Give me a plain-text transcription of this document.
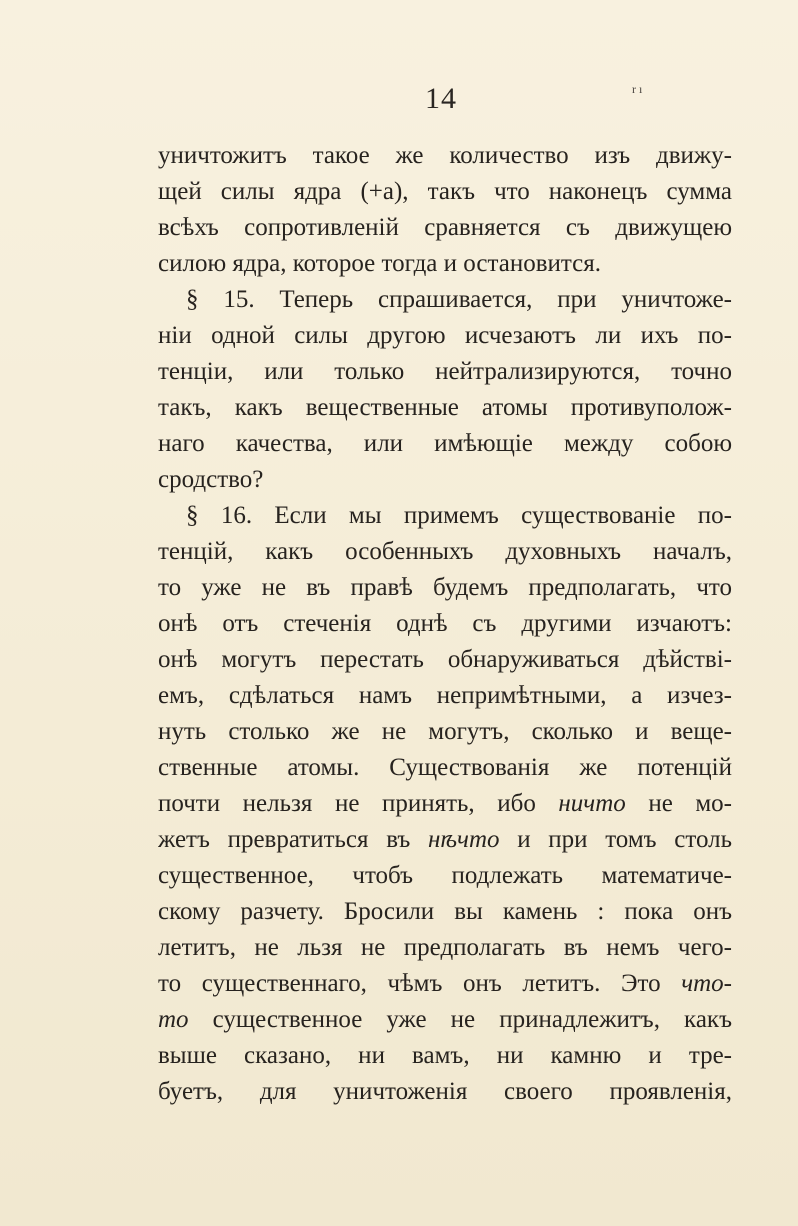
14	r ı
уничтожитъ такое же количество изъ движу-
щей силы ядра (+a), такъ что наконецъ сумма
всѣхъ сопротивленій сравняется съ движущею
силою ядра, которое тогда и остановится.
§ 15. Теперь спрашивается, при уничтоже-
ніи одной силы другою исчезаютъ ли ихъ по-
тенціи, или только нейтрализируются, точно
такъ, какъ вещественные атомы противуполож-
наго качества, или имѣющіе между собою
сродство?
§ 16. Если мы примемъ существованіе по-
тенцій, какъ особенныхъ духовныхъ началъ,
то уже не въ правѣ будемъ предполагать, что
онѣ отъ стеченія однѣ съ другими изчаютъ:
онѣ могутъ перестать обнаруживаться дѣйстві-
емъ, сдѣлаться намъ непримѣтными, а изчез-
нуть столько же не могутъ, сколько и веще-
ственные атомы. Существованія же потенцій
почти нельзя не принять, ибо ничто не мо-
жетъ превратиться въ нѣчто и при томъ столь
существенное, чтобъ подлежать математиче-
скому разчету. Бросили вы камень : пока онъ
летитъ, не льзя не предполагать въ немъ чего-
то существеннаго, чѣмъ онъ летитъ. Это что-
то существенное уже не принадлежитъ, какъ
выше сказано, ни вамъ, ни камню и тре-
буетъ, для уничтоженія своего проявленія,
